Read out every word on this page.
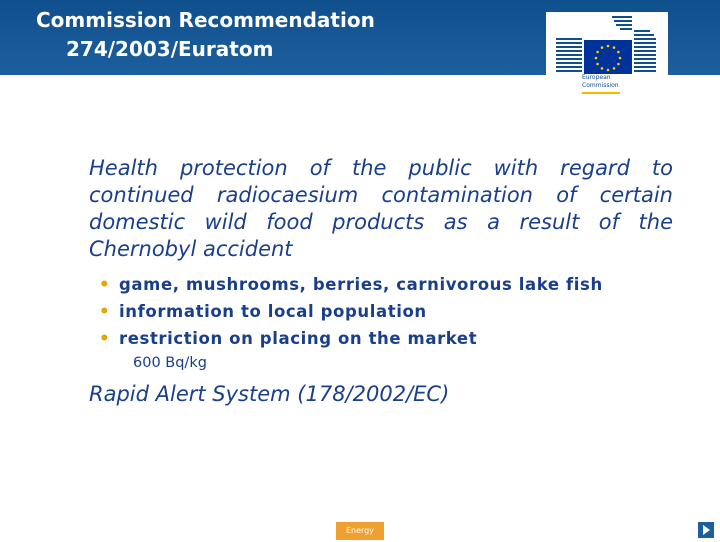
Commission Recommendation
274/2003/Euratom
European
Commission

Health protection of the public with regard to continued radiocaesium contamination of certain domestic wild food products as a result of the Chernobyl accident

• game, mushrooms, berries, carnivorous lake fish
• information to local population
• restriction on placing on the market

600 Bq/kg

Rapid Alert System (178/2002/EC)

Energy
